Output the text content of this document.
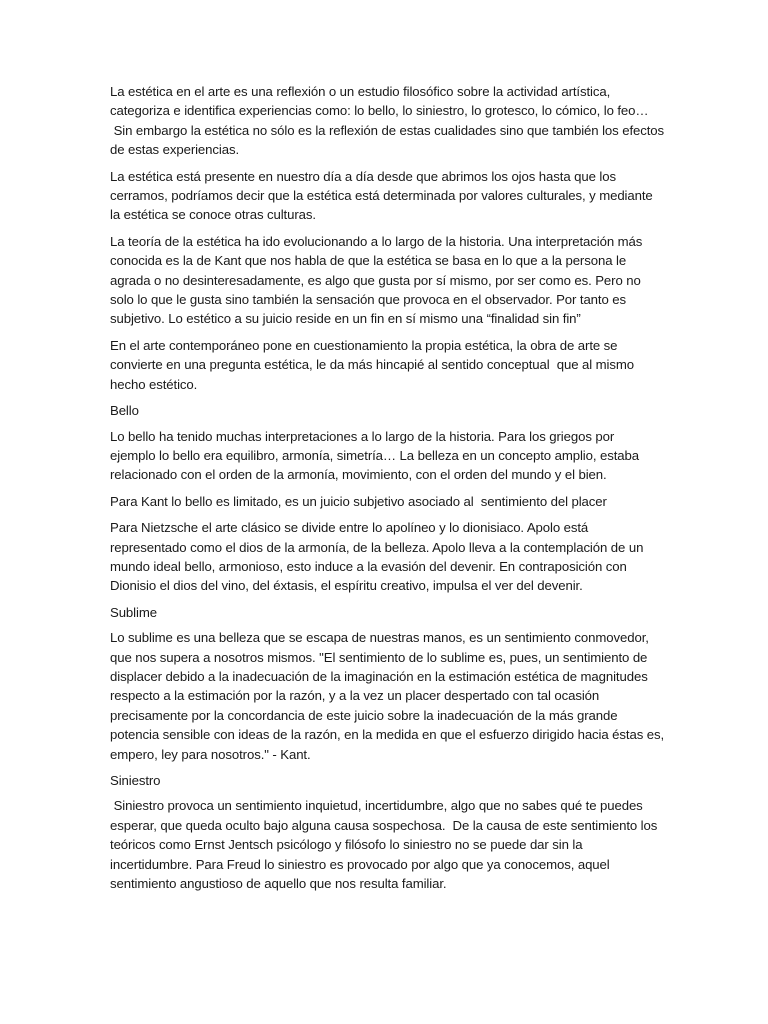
La estética en el arte es una reflexión o un estudio filosófico sobre la actividad artística,
categoriza e identifica experiencias como: lo bello, lo siniestro, lo grotesco, lo cómico, lo feo…
Sin embargo la estética no sólo es la reflexión de estas cualidades sino que también los efectos
de estas experiencias.

La estética está presente en nuestro día a día desde que abrimos los ojos hasta que los
cerramos, podríamos decir que la estética está determinada por valores culturales, y mediante
la estética se conoce otras culturas.

La teoría de la estética ha ido evolucionando a lo largo de la historia. Una interpretación más
conocida es la de Kant que nos habla de que la estética se basa en lo que a la persona le
agrada o no desinteresadamente, es algo que gusta por sí mismo, por ser como es. Pero no
solo lo que le gusta sino también la sensación que provoca en el observador. Por tanto es
subjetivo. Lo estético a su juicio reside en un fin en sí mismo una “finalidad sin fin”

En el arte contemporáneo pone en cuestionamiento la propia estética, la obra de arte se
convierte en una pregunta estética, le da más hincapié al sentido conceptual  que al mismo
hecho estético.

Bello

Lo bello ha tenido muchas interpretaciones a lo largo de la historia. Para los griegos por
ejemplo lo bello era equilibro, armonía, simetría… La belleza en un concepto amplio, estaba
relacionado con el orden de la armonía, movimiento, con el orden del mundo y el bien.

Para Kant lo bello es limitado, es un juicio subjetivo asociado al  sentimiento del placer

Para Nietzsche el arte clásico se divide entre lo apolíneo y lo dionisiaco. Apolo está
representado como el dios de la armonía, de la belleza. Apolo lleva a la contemplación de un
mundo ideal bello, armonioso, esto induce a la evasión del devenir. En contraposición con
Dionisio el dios del vino, del éxtasis, el espíritu creativo, impulsa el ver del devenir.

Sublime

Lo sublime es una belleza que se escapa de nuestras manos, es un sentimiento conmovedor,
que nos supera a nosotros mismos. "El sentimiento de lo sublime es, pues, un sentimiento de
displacer debido a la inadecuación de la imaginación en la estimación estética de magnitudes
respecto a la estimación por la razón, y a la vez un placer despertado con tal ocasión
precisamente por la concordancia de este juicio sobre la inadecuación de la más grande
potencia sensible con ideas de la razón, en la medida en que el esfuerzo dirigido hacia éstas es,
empero, ley para nosotros." - Kant.

Siniestro

Siniestro provoca un sentimiento inquietud, incertidumbre, algo que no sabes qué te puedes
esperar, que queda oculto bajo alguna causa sospechosa.  De la causa de este sentimiento los
teóricos como Ernst Jentsch psicólogo y filósofo lo siniestro no se puede dar sin la
incertidumbre. Para Freud lo siniestro es provocado por algo que ya conocemos, aquel
sentimiento angustioso de aquello que nos resulta familiar.
